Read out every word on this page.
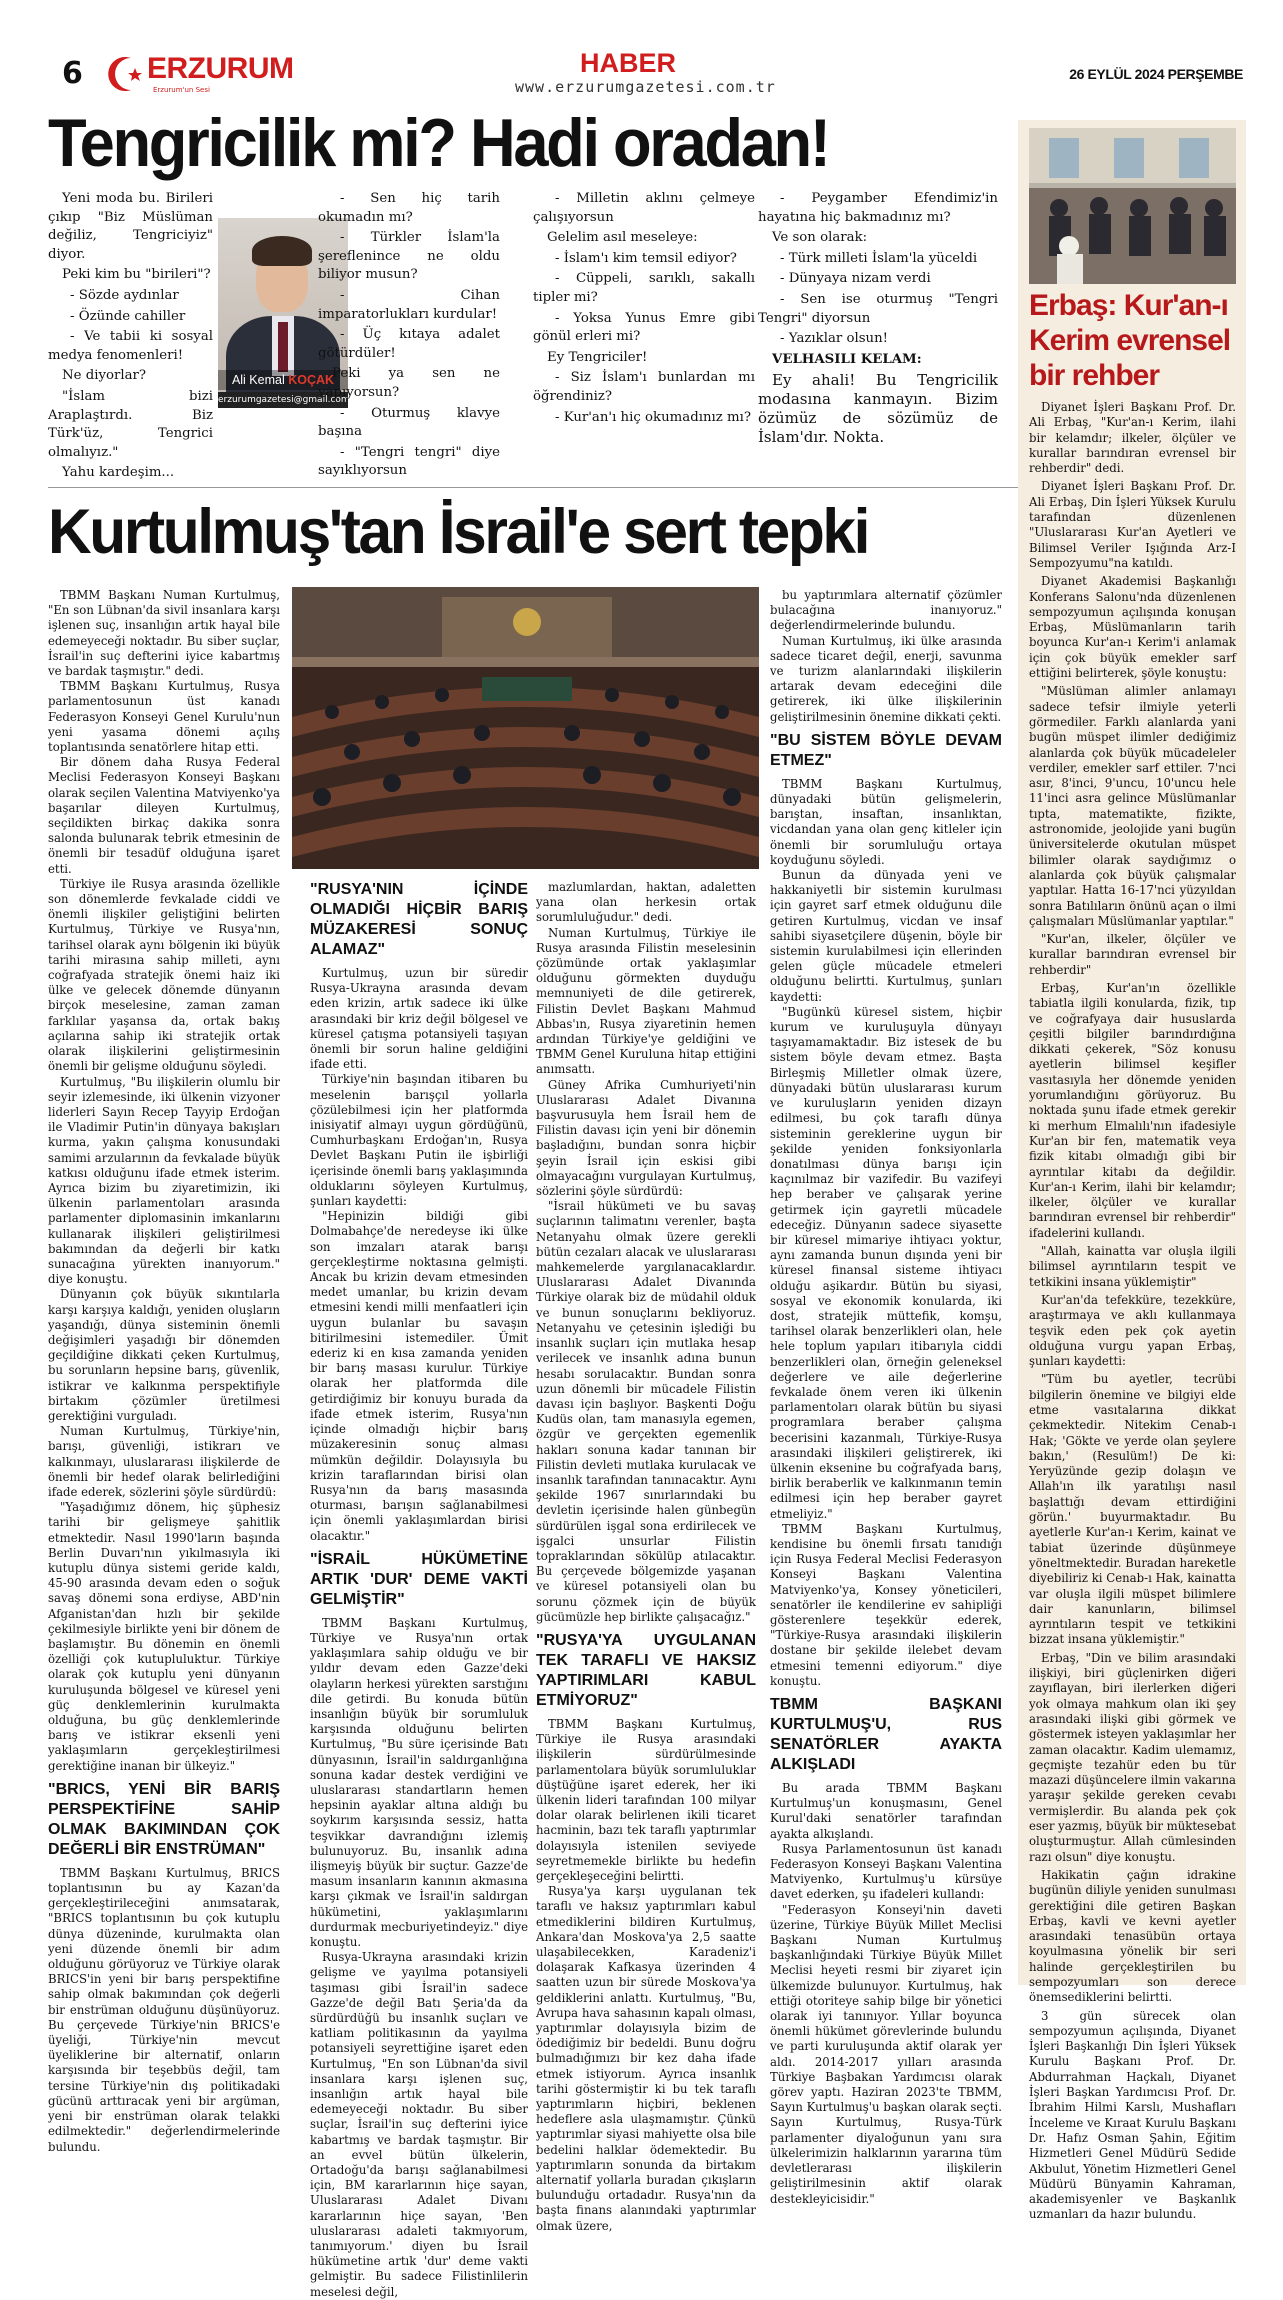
6 ERZURUM
Erzurum'un Sesi
HABER
www.erzurumgazetesi.com.tr
26 EYLÜL 2024 PERŞEMBE
Tengricilik mi? Hadi oradan!

Yeni moda bu. Birileri çıkıp "Biz Müslüman değiliz, Tengriciyiz" diyor.

Peki kim bu "birileri"?

- Sözde aydınlar

- Özünde cahiller

- Ve tabii ki sosyal medya fenomenleri!

Ne diyorlar?

"İslam bizi Araplaştırdı. Biz Türk'üz, Tengrici olmalıyız."

Yahu kardeşim...

Ali Kemal KOÇAK
erzurumgazetesi@gmail.com

- Sen hiç tarih okumadın mı?

- Türkler İslam'la şereflenince ne oldu biliyor musun?

- Cihan imparatorlukları kurdular!

- Üç kıtaya adalet götürdüler!

Peki ya sen ne yapıyorsun?

- Oturmuş klavye başına

- "Tengri tengri" diye sayıklıyorsun

- Milletin aklını çelmeye çalışıyorsun

Gelelim asıl meseleye:

- İslam'ı kim temsil ediyor?

- Cüppeli, sarıklı, sakallı tipler mi?

- Yoksa Yunus Emre gibi gönül erleri mi?

Ey Tengriciler!

- Siz İslam'ı bunlardan mı öğrendiniz?

- Kur'an'ı hiç okumadınız mı?

- Peygamber Efendimiz'in hayatına hiç bakmadınız mı?

Ve son olarak:

- Türk milleti İslam'la yüceldi

- Dünyaya nizam verdi

- Sen ise oturmuş "Tengri Tengri" diyorsun

- Yazıklar olsun!

VELHASILI KELAM:

Ey ahali! Bu Tengricilik modasına kanmayın. Bizim özümüz de sözümüz de İslam'dır. Nokta.

Kurtulmuş'tan İsrail'e sert tepki

TBMM Başkanı Numan Kurtulmuş, "En son Lübnan'da sivil insanlara karşı işlenen suç, insanlığın artık hayal bile edemeyeceği noktadır. Bu siber suçlar, İsrail'in suç defterini iyice kabartmış ve bardak taşmıştır." dedi.

TBMM Başkanı Kurtulmuş, Rusya parlamentosunun üst kanadı Federasyon Konseyi Genel Kurulu'nun yeni yasama dönemi açılış toplantısında senatörlere hitap etti.

Bir dönem daha Rusya Federal Meclisi Federasyon Konseyi Başkanı olarak seçilen Valentina Matviyenko'ya başarılar dileyen Kurtulmuş, seçildikten birkaç dakika sonra salonda bulunarak tebrik etmesinin de önemli bir tesadüf olduğuna işaret etti.

Türkiye ile Rusya arasında özellikle son dönemlerde fevkalade ciddi ve önemli ilişkiler geliştiğini belirten Kurtulmuş, Türkiye ve Rusya'nın, tarihsel olarak aynı bölgenin iki büyük tarihi mirasına sahip milleti, aynı coğrafyada stratejik önemi haiz iki ülke ve gelecek dönemde dünyanın birçok meselesine, zaman zaman farklılar yaşansa da, ortak bakış açılarına sahip iki stratejik ortak olarak ilişkilerini geliştirmesinin önemli bir gelişme olduğunu söyledi.

Kurtulmuş, "Bu ilişkilerin olumlu bir seyir izlemesinde, iki ülkenin vizyoner liderleri Sayın Recep Tayyip Erdoğan ile Vladimir Putin'in dünyaya bakışları kurma, yakın çalışma konusundaki samimi arzularının da fevkalade büyük katkısı olduğunu ifade etmek isterim. Ayrıca bizim bu ziyaretimizin, iki ülkenin parlamentoları arasında parlamenter diplomasinin imkanlarını kullanarak ilişkileri geliştirilmesi bakımından da değerli bir katkı sunacağına yürekten inanıyorum." diye konuştu.

Dünyanın çok büyük sıkıntılarla karşı karşıya kaldığı, yeniden oluşların yaşandığı, dünya sisteminin önemli değişimleri yaşadığı bir dönemden geçildiğine dikkati çeken Kurtulmuş, bu sorunların hepsine barış, güvenlik, istikrar ve kalkınma perspektifiyle birtakım çözümler üretilmesi gerektiğini vurguladı.

Numan Kurtulmuş, Türkiye'nin, barışı, güvenliği, istikrarı ve kalkınmayı, uluslararası ilişkilerde de önemli bir hedef olarak belirlediğini ifade ederek, sözlerini şöyle sürdürdü:

"Yaşadığımız dönem, hiç şüphesiz tarihi bir gelişmeye şahitlik etmektedir. Nasıl 1990'ların başında Berlin Duvarı'nın yıkılmasıyla iki kutuplu dünya sistemi geride kaldı, 45-90 arasında devam eden o soğuk savaş dönemi sona erdiyse, ABD'nin Afganistan'dan hızlı bir şekilde çekilmesiyle birlikte yeni bir dönem de başlamıştır. Bu dönemin en önemli özelliği çok kutupluluktur. Türkiye olarak çok kutuplu yeni dünyanın kuruluşunda bölgesel ve küresel yeni güç denklemlerinin kurulmakta olduğuna, bu güç denklemlerinde barış ve istikrar eksenli yeni yaklaşımların gerçekleştirilmesi gerektiğine inanan bir ülkeyiz."

"BRICS, YENİ BİR BARIŞ PERSPEKTİFİNE SAHİP OLMAK BAKIMINDAN ÇOK DEĞERLİ BİR ENSTRÜMAN"

TBMM Başkanı Kurtulmuş, BRICS toplantısının bu ay Kazan'da gerçekleştirileceğini anımsatarak, "BRICS toplantısının bu çok kutuplu dünya düzeninde, kurulmakta olan yeni düzende önemli bir adım olduğunu görüyoruz ve Türkiye olarak BRICS'in yeni bir barış perspektifine sahip olmak bakımından çok değerli bir enstrüman olduğunu düşünüyoruz. Bu çerçevede Türkiye'nin BRICS'e üyeliği, Türkiye'nin mevcut üyeliklerine bir alternatif, onların karşısında bir teşebbüs değil, tam tersine Türkiye'nin dış politikadaki gücünü arttıracak yeni bir argüman, yeni bir enstrüman olarak telakki edilmektedir." değerlendirmelerinde bulundu.

"RUSYA'NIN İÇİNDE OLMADIĞI HİÇBİR BARIŞ MÜZAKERESİ SONUÇ ALAMAZ"

Kurtulmuş, uzun bir süredir Rusya-Ukrayna arasında devam eden krizin, artık sadece iki ülke arasındaki bir kriz değil bölgesel ve küresel çatışma potansiyeli taşıyan önemli bir sorun haline geldiğini ifade etti.

Türkiye'nin başından itibaren bu meselenin barışçıl yollarla çözülebilmesi için her platformda inisiyatif almayı uygun gördüğünü, Cumhurbaşkanı Erdoğan'ın, Rusya Devlet Başkanı Putin ile işbirliği içerisinde önemli barış yaklaşımında olduklarını söyleyen Kurtulmuş, şunları kaydetti:

"Hepinizin bildiği gibi Dolmabahçe'de neredeyse iki ülke son imzaları atarak barışı gerçekleştirme noktasına gelmişti. Ancak bu krizin devam etmesinden medet umanlar, bu krizin devam etmesini kendi milli menfaatleri için uygun bulanlar bu savaşın bitirilmesini istemediler. Ümit ederiz ki en kısa zamanda yeniden bir barış masası kurulur. Türkiye olarak her platformda dile getirdiğimiz bir konuyu burada da ifade etmek isterim, Rusya'nın içinde olmadığı hiçbir barış müzakeresinin sonuç alması mümkün değildir. Dolayısıyla bu krizin taraflarından birisi olan Rusya'nın da barış masasında oturması, barışın sağlanabilmesi için önemli yaklaşımlardan birisi olacaktır."

"İSRAİL HÜKÜMETİNE ARTIK 'DUR' DEME VAKTİ GELMİŞTİR"

TBMM Başkanı Kurtulmuş, Türkiye ve Rusya'nın ortak yaklaşımlara sahip olduğu ve bir yıldır devam eden Gazze'deki olayların herkesi yürekten sarstığını dile getirdi. Bu konuda bütün insanlığın büyük bir sorumluluk karşısında olduğunu belirten Kurtulmuş, "Bu süre içerisinde Batı dünyasının, İsrail'in saldırganlığına sonuna kadar destek verdiğini ve uluslararası standartların hemen hepsinin ayaklar altına aldığı bu soykırım karşısında sessiz, hatta teşvikkar davrandığını izlemiş bulunuyoruz. Bu, insanlık adına ilişmeyiş büyük bir suçtur. Gazze'de masum insanların kanının akmasına karşı çıkmak ve İsrail'in saldırgan hükümetini, yaklaşımlarını durdurmak mecburiyetindeyiz." diye konuştu.

Rusya-Ukrayna arasındaki krizin gelişme ve yayılma potansiyeli taşıması gibi İsrail'in sadece Gazze'de değil Batı Şeria'da da sürdürdüğü bu insanlık suçları ve katliam politikasının da yayılma potansiyeli seyrettiğine işaret eden Kurtulmuş, "En son Lübnan'da sivil insanlara karşı işlenen suç, insanlığın artık hayal bile edemeyeceği noktadır. Bu siber suçlar, İsrail'in suç defterini iyice kabartmış ve bardak taşmıştır. Bir an evvel bütün ülkelerin, Ortadoğu'da barışı sağlanabilmesi için, BM kararlarının hiçe sayan, Uluslararası Adalet Divanı kararlarının hiçe sayan, 'Ben uluslararası adaleti takmıyorum, tanımıyorum.' diyen bu İsrail hükümetine artık 'dur' deme vakti gelmiştir. Bu sadece Filistinlilerin meselesi değil,

mazlumlardan, haktan, adaletten yana olan herkesin ortak sorumluluğudur." dedi.

Numan Kurtulmuş, Türkiye ile Rusya arasında Filistin meselesinin çözümünde ortak yaklaşımlar olduğunu görmekten duyduğu memnuniyeti de dile getirerek, Filistin Devlet Başkanı Mahmud Abbas'ın, Rusya ziyaretinin hemen ardından Türkiye'ye geldiğini ve TBMM Genel Kuruluna hitap ettiğini anımsattı.

Güney Afrika Cumhuriyeti'nin Uluslararası Adalet Divanına başvurusuyla hem İsrail hem de Filistin davası için yeni bir dönemin başladığını, bundan sonra hiçbir şeyin İsrail için eskisi gibi olmayacağını vurgulayan Kurtulmuş, sözlerini şöyle sürdürdü:

"İsrail hükümeti ve bu savaş suçlarının talimatını verenler, başta Netanyahu olmak üzere gerekli bütün cezaları alacak ve uluslararası mahkemelerde yargılanacaklardır. Uluslararası Adalet Divanında Türkiye olarak biz de müdahil olduk ve bunun sonuçlarını bekliyoruz. Netanyahu ve çetesinin işlediği bu insanlık suçları için mutlaka hesap verilecek ve insanlık adına bunun hesabı sorulacaktır. Bundan sonra uzun dönemli bir mücadele Filistin davası için başlıyor. Başkenti Doğu Kudüs olan, tam manasıyla egemen, özgür ve gerçekten egemenlik hakları sonuna kadar tanınan bir Filistin devleti mutlaka kurulacak ve insanlık tarafından tanınacaktır. Aynı şekilde 1967 sınırlarındaki bu devletin içerisinde halen günbegün sürdürülen işgal sona erdirilecek ve işgalci unsurlar Filistin topraklarından sökülüp atılacaktır. Bu çerçevede bölgemizde yaşanan ve küresel potansiyeli olan bu sorunu çözmek için de büyük gücümüzle hep birlikte çalışacağız."

"RUSYA'YA UYGULANAN TEK TARAFLI VE HAKSIZ YAPTIRIMLARI KABUL ETMİYORUZ"

TBMM Başkanı Kurtulmuş, Türkiye ile Rusya arasındaki ilişkilerin sürdürülmesinde parlamentolara büyük sorumluluklar düştüğüne işaret ederek, her iki ülkenin lideri tarafından 100 milyar dolar olarak belirlenen ikili ticaret hacminin, bazı tek taraflı yaptırımlar dolayısıyla istenilen seviyede seyretmemekle birlikte bu hedefin gerçekleşeceğini belirtti.

Rusya'ya karşı uygulanan tek taraflı ve haksız yaptırımları kabul etmediklerini bildiren Kurtulmuş, Ankara'dan Moskova'ya 2,5 saatte ulaşabilecekken, Karadeniz'i dolaşarak Kafkasya üzerinden 4 saatten uzun bir sürede Moskova'ya geldiklerini anlattı. Kurtulmuş, "Bu, Avrupa hava sahasının kapalı olması, yaptırımlar dolayısıyla bizim de ödediğimiz bir bedeldi. Bunu doğru bulmadığımızı bir kez daha ifade etmek istiyorum. Ayrıca insanlık tarihi göstermiştir ki bu tek taraflı yaptırımların hiçbiri, beklenen hedeflere asla ulaşmamıştır. Çünkü yaptırımlar siyasi mahiyette olsa bile bedelini halklar ödemektedir. Bu yaptırımların sonunda da birtakım alternatif yollarla buradan çıkışların bulunduğu ortadadır. Rusya'nın da başta finans alanındaki yaptırımlar olmak üzere,

bu yaptırımlara alternatif çözümler bulacağına inanıyoruz." değerlendirmelerinde bulundu.

Numan Kurtulmuş, iki ülke arasında sadece ticaret değil, enerji, savunma ve turizm alanlarındaki ilişkilerin artarak devam edeceğini dile getirerek, iki ülke ilişkilerinin geliştirilmesinin önemine dikkati çekti.

"BU SİSTEM BÖYLE DEVAM ETMEZ"

TBMM Başkanı Kurtulmuş, dünyadaki bütün gelişmelerin, barıştan, insaftan, insanlıktan, vicdandan yana olan genç kitleler için önemli bir sorumluluğu ortaya koyduğunu söyledi.

Bunun da dünyada yeni ve hakkaniyetli bir sistemin kurulması için gayret sarf etmek olduğunu dile getiren Kurtulmuş, vicdan ve insaf sahibi siyasetçilere düşenin, böyle bir sistemin kurulabilmesi için ellerinden gelen güçle mücadele etmeleri olduğunu belirtti. Kurtulmuş, şunları kaydetti:

"Bugünkü küresel sistem, hiçbir kurum ve kuruluşuyla dünyayı taşıyamamaktadır. Biz istesek de bu sistem böyle devam etmez. Başta Birleşmiş Milletler olmak üzere, dünyadaki bütün uluslararası kurum ve kuruluşların yeniden dizayn edilmesi, bu çok taraflı dünya sisteminin gereklerine uygun bir şekilde yeniden fonksiyonlarla donatılması dünya barışı için kaçınılmaz bir vazifedir. Bu vazifeyi hep beraber ve çalışarak yerine getirmek için gayretli mücadele edeceğiz. Dünyanın sadece siyasette bir küresel mimariye ihtiyacı yoktur, aynı zamanda bunun dışında yeni bir küresel finansal sisteme ihtiyacı olduğu aşikardır. Bütün bu siyasi, sosyal ve ekonomik konularda, iki dost, stratejik müttefik, komşu, tarihsel olarak benzerlikleri olan, hele hele toplum yapıları itibarıyla ciddi benzerlikleri olan, örneğin geleneksel değerlere ve aile değerlerine fevkalade önem veren iki ülkenin parlamentoları olarak bütün bu siyasi programlara beraber çalışma becerisini kazanmalı, Türkiye-Rusya arasındaki ilişkileri geliştirerek, iki ülkenin eksenine bu coğrafyada barış, birlik beraberlik ve kalkınmanın temin edilmesi için hep beraber gayret etmeliyiz."

TBMM Başkanı Kurtulmuş, kendisine bu önemli fırsatı tanıdığı için Rusya Federal Meclisi Federasyon Konseyi Başkanı Valentina Matviyenko'ya, Konsey yöneticileri, senatörler ile kendilerine ev sahipliği gösterenlere teşekkür ederek, "Türkiye-Rusya arasındaki ilişkilerin dostane bir şekilde ilelebet devam etmesini temenni ediyorum." diye konuştu.

TBMM BAŞKANI KURTULMUŞ'U, RUS SENATÖRLER AYAKTA ALKIŞLADI

Bu arada TBMM Başkanı Kurtulmuş'un konuşmasını, Genel Kurul'daki senatörler tarafından ayakta alkışlandı.

Rusya Parlamentosunun üst kanadı Federasyon Konseyi Başkanı Valentina Matviyenko, Kurtulmuş'u kürsüye davet ederken, şu ifadeleri kullandı:

"Federasyon Konseyi'nin daveti üzerine, Türkiye Büyük Millet Meclisi Başkanı Numan Kurtulmuş başkanlığındaki Türkiye Büyük Millet Meclisi heyeti resmi bir ziyaret için ülkemizde bulunuyor. Kurtulmuş, hak ettiği otoriteye sahip bilge bir yönetici olarak iyi tanınıyor. Yıllar boyunca önemli hükümet görevlerinde bulundu ve parti kuruluşunda aktif olarak yer aldı. 2014-2017 yılları arasında Türkiye Başbakan Yardımcısı olarak görev yaptı. Haziran 2023'te TBMM, Sayın Kurtulmuş'u başkan olarak seçti. Sayın Kurtulmuş, Rusya-Türk parlamenter diyaloğunun yanı sıra ülkelerimizin halklarının yararına tüm devletlerarası ilişkilerin geliştirilmesinin aktif olarak destekleyicisidir."

Erbaş: Kur'an-ı Kerim evrensel bir rehber

Diyanet İşleri Başkanı Prof. Dr. Ali Erbaş, "Kur'an-ı Kerim, ilahi bir kelamdır; ilkeler, ölçüler ve kurallar barındıran evrensel bir rehberdir" dedi.

Diyanet İşleri Başkanı Prof. Dr. Ali Erbaş, Din İşleri Yüksek Kurulu tarafından düzenlenen "Uluslararası Kur'an Ayetleri ve Bilimsel Veriler Işığında Arz-I Sempozyumu"na katıldı.

Diyanet Akademisi Başkanlığı Konferans Salonu'nda düzenlenen sempozyumun açılışında konuşan Erbaş, Müslümanların tarih boyunca Kur'an-ı Kerim'i anlamak için çok büyük emekler sarf ettiğini belirterek, şöyle konuştu:

"Müslüman alimler anlamayı sadece tefsir ilmiyle yeterli görmediler. Farklı alanlarda yani bugün müspet ilimler dediğimiz alanlarda çok büyük mücadeleler verdiler, emekler sarf ettiler. 7'nci asır, 8'inci, 9'uncu, 10'uncu hele 11'inci asra gelince Müslümanlar tıpta, matematikte, fizikte, astronomide, jeolojide yani bugün üniversitelerde okutulan müspet bilimler olarak saydığımız o alanlarda çok büyük çalışmalar yaptılar. Hatta 16-17'nci yüzyıldan sonra Batılıların önünü açan o ilmi çalışmaları Müslümanlar yaptılar."

"Kur'an, ilkeler, ölçüler ve kurallar barındıran evrensel bir rehberdir"

Erbaş, Kur'an'ın özellikle tabiatla ilgili konularda, fizik, tıp ve coğrafyaya dair hususlarda çeşitli bilgiler barındırdığına dikkati çekerek, "Söz konusu ayetlerin bilimsel keşifler vasıtasıyla her dönemde yeniden yorumlandığını görüyoruz. Bu noktada şunu ifade etmek gerekir ki merhum Elmalılı'nın ifadesiyle Kur'an bir fen, matematik veya fizik kitabı olmadığı gibi bir ayrıntılar kitabı da değildir. Kur'an-ı Kerim, ilahi bir kelamdır; ilkeler, ölçüler ve kurallar barındıran evrensel bir rehberdir" ifadelerini kullandı.

"Allah, kainatta var oluşla ilgili bilimsel ayrıntıların tespit ve tetkikini insana yüklemiştir"

Kur'an'da tefekküre, tezekküre, araştırmaya ve aklı kullanmaya teşvik eden pek çok ayetin olduğuna vurgu yapan Erbaş, şunları kaydetti:

"Tüm bu ayetler, tecrübi bilgilerin önemine ve bilgiyi elde etme vasıtalarına dikkat çekmektedir. Nitekim Cenab-ı Hak; 'Gökte ve yerde olan şeylere bakın,' (Resulüm!) De ki: Yeryüzünde gezip dolaşın ve Allah'ın ilk yaratılışı nasıl başlattığı devam ettirdiğini görün.' buyurmaktadır. Bu ayetlerle Kur'an-ı Kerim, kainat ve tabiat üzerinde düşünmeye yöneltmektedir. Buradan hareketle diyebiliriz ki Cenab-ı Hak, kainatta var oluşla ilgili müspet bilimlere dair kanunların, bilimsel ayrıntıların tespit ve tetkikini bizzat insana yüklemiştir."

Erbaş, "Din ve bilim arasındaki ilişkiyi, biri güçlenirken diğeri zayıflayan, biri ilerlerken diğeri yok olmaya mahkum olan iki şey arasındaki ilişki gibi görmek ve göstermek isteyen yaklaşımlar her zaman olacaktır. Kadim ulemamız, geçmişte tezahür eden bu tür mazazi düşüncelere ilmin vakarına yaraşır şekilde gereken cevabı vermişlerdir. Bu alanda pek çok eser yazmış, büyük bir müktesebat oluşturmuştur. Allah cümlesinden razı olsun" diye konuştu.

Hakikatin çağın idrakine bugünün diliyle yeniden sunulması gerektiğini dile getiren Başkan Erbaş, kavli ve kevni ayetler arasındaki tenasübün ortaya koyulmasına yönelik bir seri halinde gerçekleştirilen bu sempozyumları son derece önemsediklerini belirtti.

3 gün sürecek olan sempozyumun açılışında, Diyanet İşleri Başkanlığı Din İşleri Yüksek Kurulu Başkanı Prof. Dr. Abdurrahman Haçkalı, Diyanet İşleri Başkan Yardımcısı Prof. Dr. İbrahim Hilmi Karslı, Mushafları İnceleme ve Kıraat Kurulu Başkanı Dr. Hafız Osman Şahin, Eğitim Hizmetleri Genel Müdürü Sedide Akbulut, Yönetim Hizmetleri Genel Müdürü Bünyamin Kahraman, akademisyenler ve Başkanlık uzmanları da hazır bulundu.
